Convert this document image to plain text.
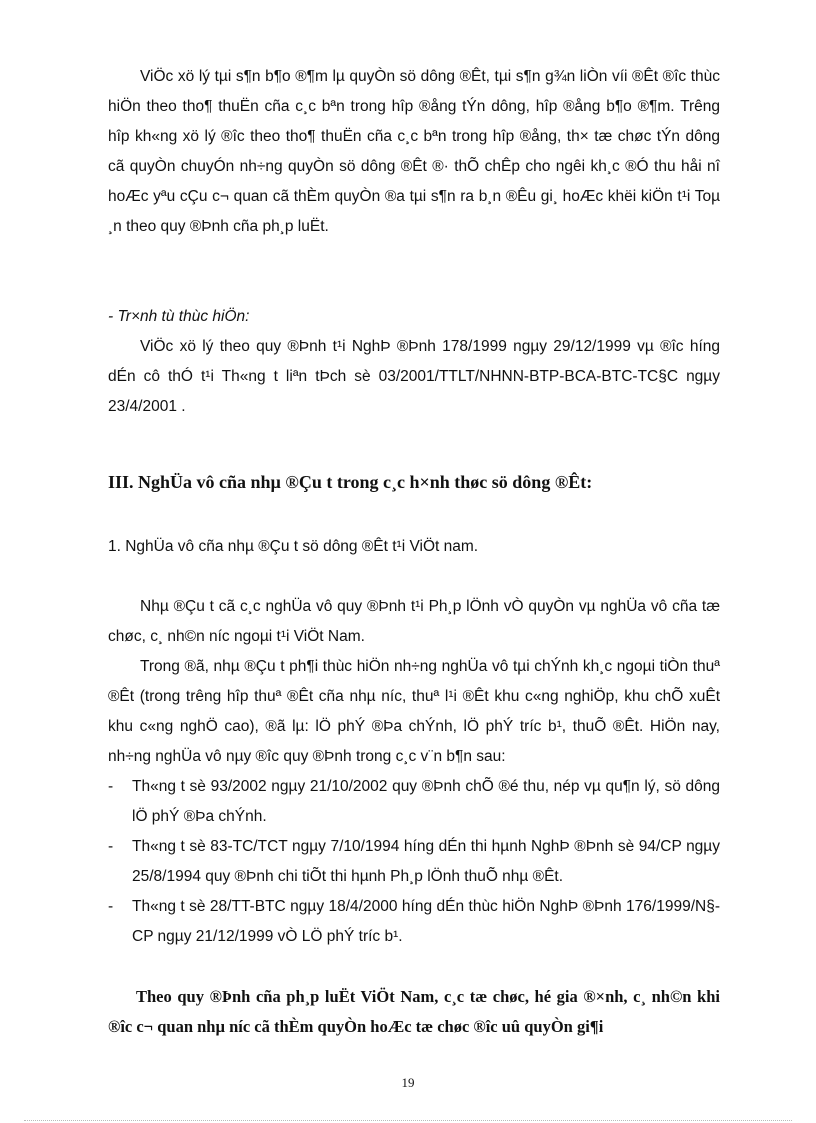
ViÖc xö lý tµi s¶n b¶o ®¶m lµ quyÒn sö dông ®Êt, tµi s¶n g¾n liÒn víi ®Êt ®îc thùc hiÖn theo tho¶ thuËn cña c¸c bªn trong hîp ®ång tÝn dông, hîp ®ång b¶o ®¶m. Trêng hîp kh«ng xö lý ®îc theo tho¶ thuËn cña c¸c bªn trong hîp ®ång, th× tæ chøc tÝn dông cã quyÒn chuyÓn nh÷ng quyÒn sö dông ®Êt ®· thÕ chÊp cho ngêi kh¸c ®Ó thu håi nî hoÆc yªu cÇu c¬ quan cã thÈm quyÒn ®a tµi s¶n ra b¸n ®Êu gi¸ hoÆc khëi kiÖn t¹i Toµ ¸n theo quy ®Þnh cña ph¸p luËt.
- Tr×nh tù thùc hiÖn:
ViÖc xö lý theo quy ®Þnh t¹i NghÞ ®Þnh 178/1999 ngµy 29/12/1999 vµ ®îc híng dÉn cô thÓ t¹i Th«ng t liªn tÞch sè 03/2001/TTLT/NHNN-BTP-BCA-BTC-TC§C ngµy 23/4/2001 .
III. NghÜa vô cña nhµ ®Çu t trong c¸c h×nh thøc sö dông ®Êt:
1. NghÜa vô cña nhµ ®Çu t sö dông ®Êt t¹i ViÖt nam.
Nhµ ®Çu t cã c¸c nghÜa vô quy ®Þnh t¹i Ph¸p lÖnh vÒ quyÒn vµ nghÜa vô cña tæ chøc, c¸ nh©n níc ngoµi t¹i ViÖt Nam.
Trong ®ã, nhµ ®Çu t ph¶i thùc hiÖn nh÷ng nghÜa vô tµi chÝnh kh¸c ngoµi tiÒn thuª ®Êt (trong trêng hîp thuª ®Êt cña nhµ níc, thuª l¹i ®Êt khu c«ng nghiÖp, khu chÕ xuÊt khu c«ng nghÖ cao), ®ã lµ: lÖ phÝ ®Þa chÝnh, lÖ phÝ tríc b¹, thuÕ ®Êt. HiÖn nay, nh÷ng nghÜa vô nµy ®îc quy ®Þnh trong c¸c v¨n b¶n sau:
- Th«ng t sè 93/2002 ngµy 21/10/2002 quy ®Þnh chÕ ®é thu, nép vµ qu¶n lý, sö dông lÖ phÝ ®Þa chÝnh.
- Th«ng t sè 83-TC/TCT ngµy 7/10/1994 híng dÉn thi hµnh NghÞ ®Þnh sè 94/CP ngµy 25/8/1994 quy ®Þnh chi tiÕt thi hµnh Ph¸p lÖnh thuÕ nhµ ®Êt.
- Th«ng t sè 28/TT-BTC ngµy 18/4/2000 híng dÉn thùc hiÖn NghÞ ®Þnh 176/1999/N§-CP ngµy 21/12/1999 vÒ LÖ phÝ tríc b¹.
Theo quy ®Þnh cña ph¸p luËt ViÖt Nam, c¸c tæ chøc, hé gia ®×nh, c¸ nh©n khi ®îc c¬ quan nhµ níc cã thÈm quyÒn hoÆc tæ chøc ®îc uû quyÒn gi¶i
19
